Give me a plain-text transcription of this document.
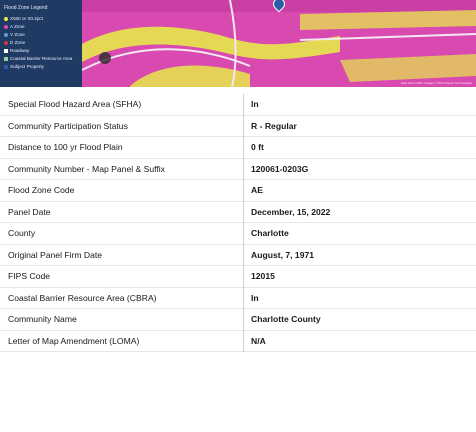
Flood Zone Legend
X500 or X0.2pct
A Zone
V Zone
D Zone
Roadway
Coastal Barrier Resource Area
Subject Property
Map data ©2022 Imagery ©2022 Maxar Technologies
Special Flood Hazard Area (SFHA)	In
Community Participation Status	R - Regular
Distance to 100 yr Flood Plain	0 ft
Community Number - Map Panel & Suffix	120061-0203G
Flood Zone Code	AE
Panel Date	December, 15, 2022
County	Charlotte
Original Panel Firm Date	August, 7, 1971
FIPS Code	12015
Coastal Barrier Resource Area (CBRA)	In
Community Name	Charlotte County
Letter of Map Amendment (LOMA)	N/A
